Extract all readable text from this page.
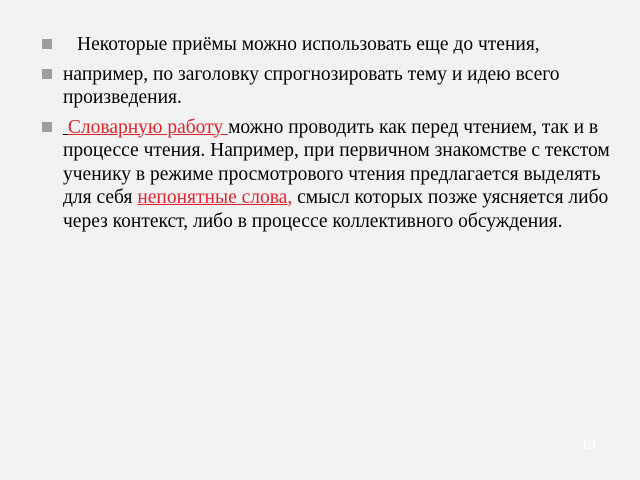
Некоторые приёмы можно использовать еще до чтения,
например, по заголовку спрогнозировать тему и идею всего произведения.
Словарную работу можно проводить как перед чтением, так и в процессе чтения. Например, при первичном знакомстве с текстом ученику в режиме просмотрового чтения предлагается выделять для себя непонятные слова, смысл которых позже уясняется либо через контекст, либо в процессе коллективного обсуждения.
10
